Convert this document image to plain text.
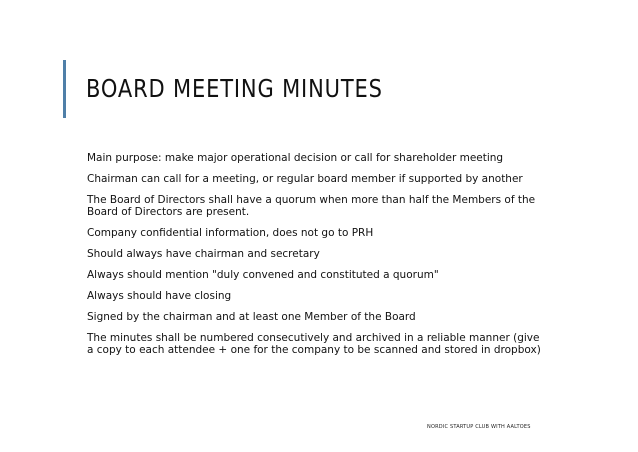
BOARD MEETING MINUTES

Main purpose: make major operational decision or call for shareholder meeting

Chairman can call for a meeting, or regular board member if supported by another

The Board of Directors shall have a quorum when more than half the Members of the Board of Directors are present.

Company confidential information, does not go to PRH

Should always have chairman and secretary

Always should mention "duly convened and constituted a quorum"

Always should have closing

Signed by the chairman and at least one Member of the Board

The minutes shall be numbered consecutively and archived in a reliable manner (give a copy to each attendee + one for the company to be scanned and stored in dropbox)

NORDIC STARTUP CLUB WITH AALTOES
